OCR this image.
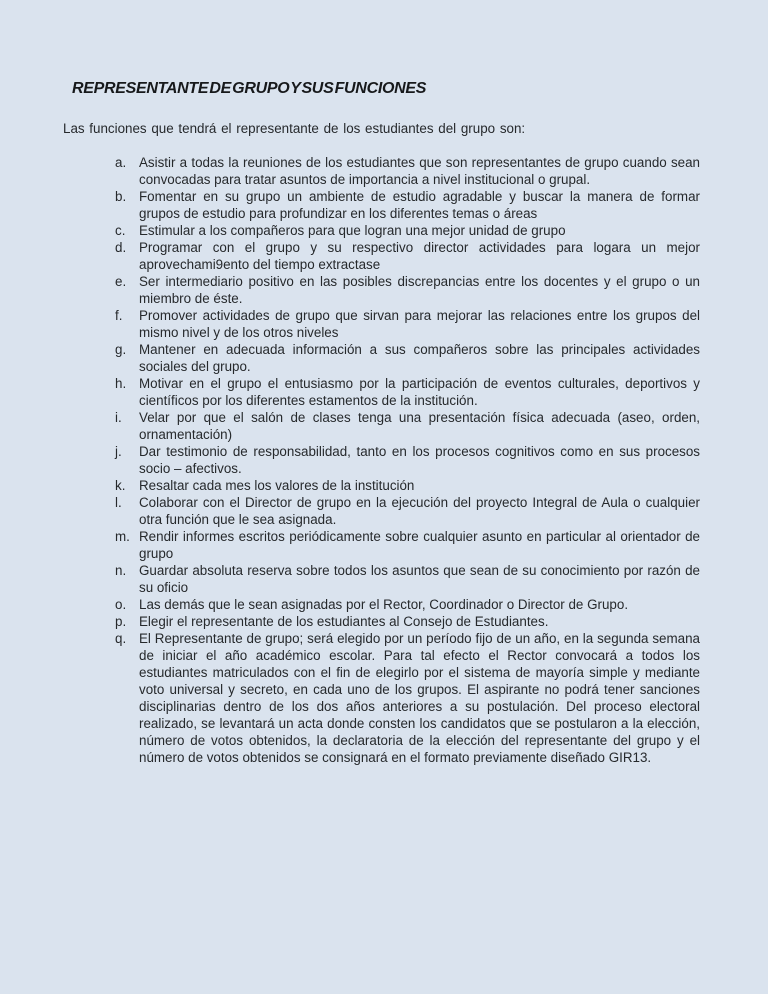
REPRESENTANTE DE GRUPO Y SUS FUNCIONES

Las funciones que tendrá el representante de los estudiantes del grupo son:

a. Asistir a todas la reuniones de los estudiantes que son representantes de grupo cuando sean convocadas para tratar asuntos de importancia a nivel institucional o grupal.
b. Fomentar en su grupo un ambiente de estudio agradable y buscar la manera de formar grupos de estudio para profundizar en los diferentes temas o áreas
c.	Estimular a los compañeros para que logran una mejor unidad de grupo
d. Programar con el grupo y su respectivo director actividades para logara un mejor aprovechami9ento del tiempo extractase
e. Ser intermediario positivo en las posibles discrepancias entre los docentes y el grupo o un miembro de éste.
f.	Promover actividades de grupo que sirvan para mejorar las relaciones entre los grupos del mismo nivel y de los otros niveles
g. Mantener en adecuada información a sus compañeros sobre las principales actividades sociales del grupo.
h. Motivar en el grupo el entusiasmo por la participación de eventos culturales, deportivos y científicos por los diferentes estamentos de la institución.
i.	Velar por que el salón de clases tenga una presentación física adecuada (aseo, orden, ornamentación)
j.	Dar testimonio de responsabilidad, tanto en los procesos cognitivos como en sus procesos socio – afectivos.
k.	Resaltar cada mes los valores de la institución
l.	Colaborar con el Director de grupo en la ejecución del proyecto Integral de Aula o cualquier otra función que le sea asignada.
m. Rendir informes escritos periódicamente sobre cualquier asunto en particular al orientador de grupo
n. Guardar absoluta reserva sobre todos los asuntos que sean de su conocimiento por razón de su oficio
o. Las demás que le sean asignadas por el Rector, Coordinador o Director de Grupo.
p. Elegir el representante de los estudiantes al Consejo de Estudiantes.
q. El Representante de grupo; será elegido por un período fijo de un año, en la segunda semana de iniciar el año académico escolar. Para tal efecto el Rector convocará a todos los estudiantes matriculados con el fin de elegirlo por el sistema de mayoría simple y mediante voto universal y secreto, en cada uno de los grupos. El aspirante no podrá tener sanciones disciplinarias dentro de los dos años anteriores a su postulación. Del proceso electoral realizado, se levantará un acta donde consten los candidatos que se postularon a la elección, número de votos obtenidos, la declaratoria de la elección del representante del grupo y el número de votos obtenidos se consignará en el formato previamente diseñado GIR13.
